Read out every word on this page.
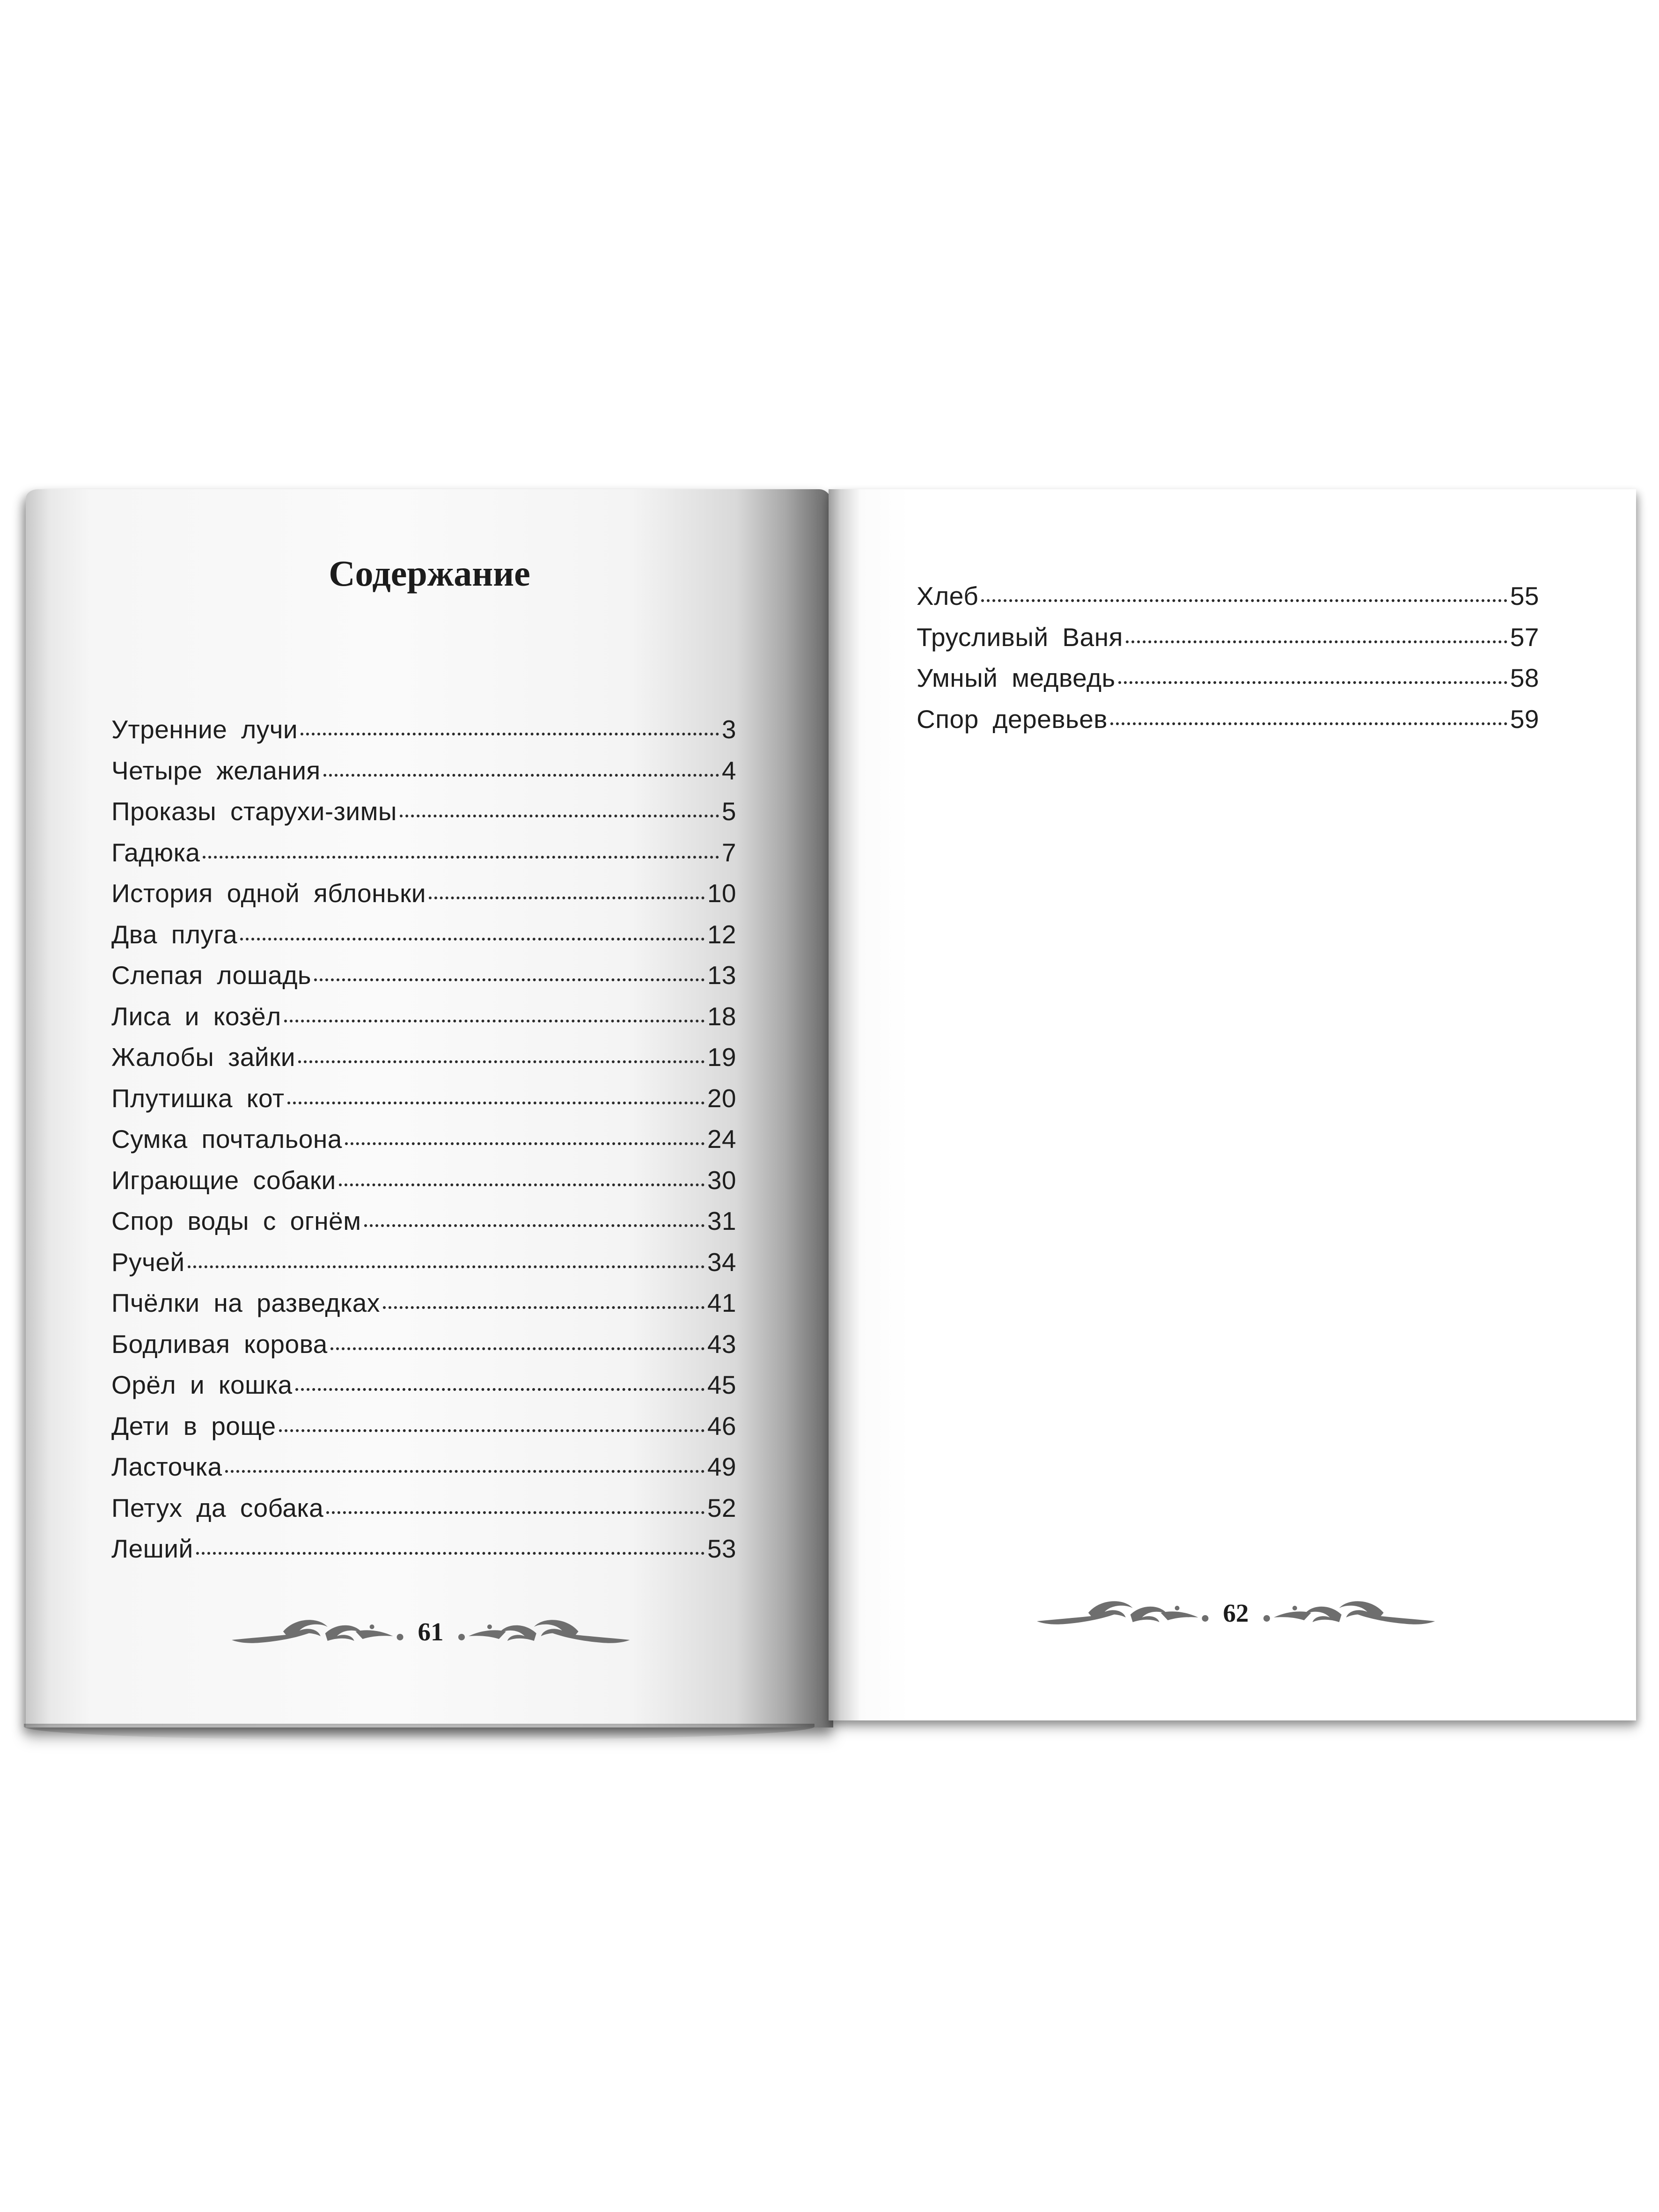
Содержание
Утренние лучи	3
Четыре желания	4
Проказы старухи-зимы	5
Гадюка	7
История одной яблоньки	10
Два плуга	12
Слепая лошадь	13
Лиса и козёл	18
Жалобы зайки	19
Плутишка кот	20
Сумка почтальона	24
Играющие собаки	30
Спор воды с огнём	31
Ручей	34
Пчёлки на разведках	41
Бодливая корова	43
Орёл и кошка	45
Дети в роще	46
Ласточка	49
Петух да собака	52
Леший	53
Хлеб	55
Трусливый Ваня	57
Умный медведь	58
Спор деревьев	59
61
62
